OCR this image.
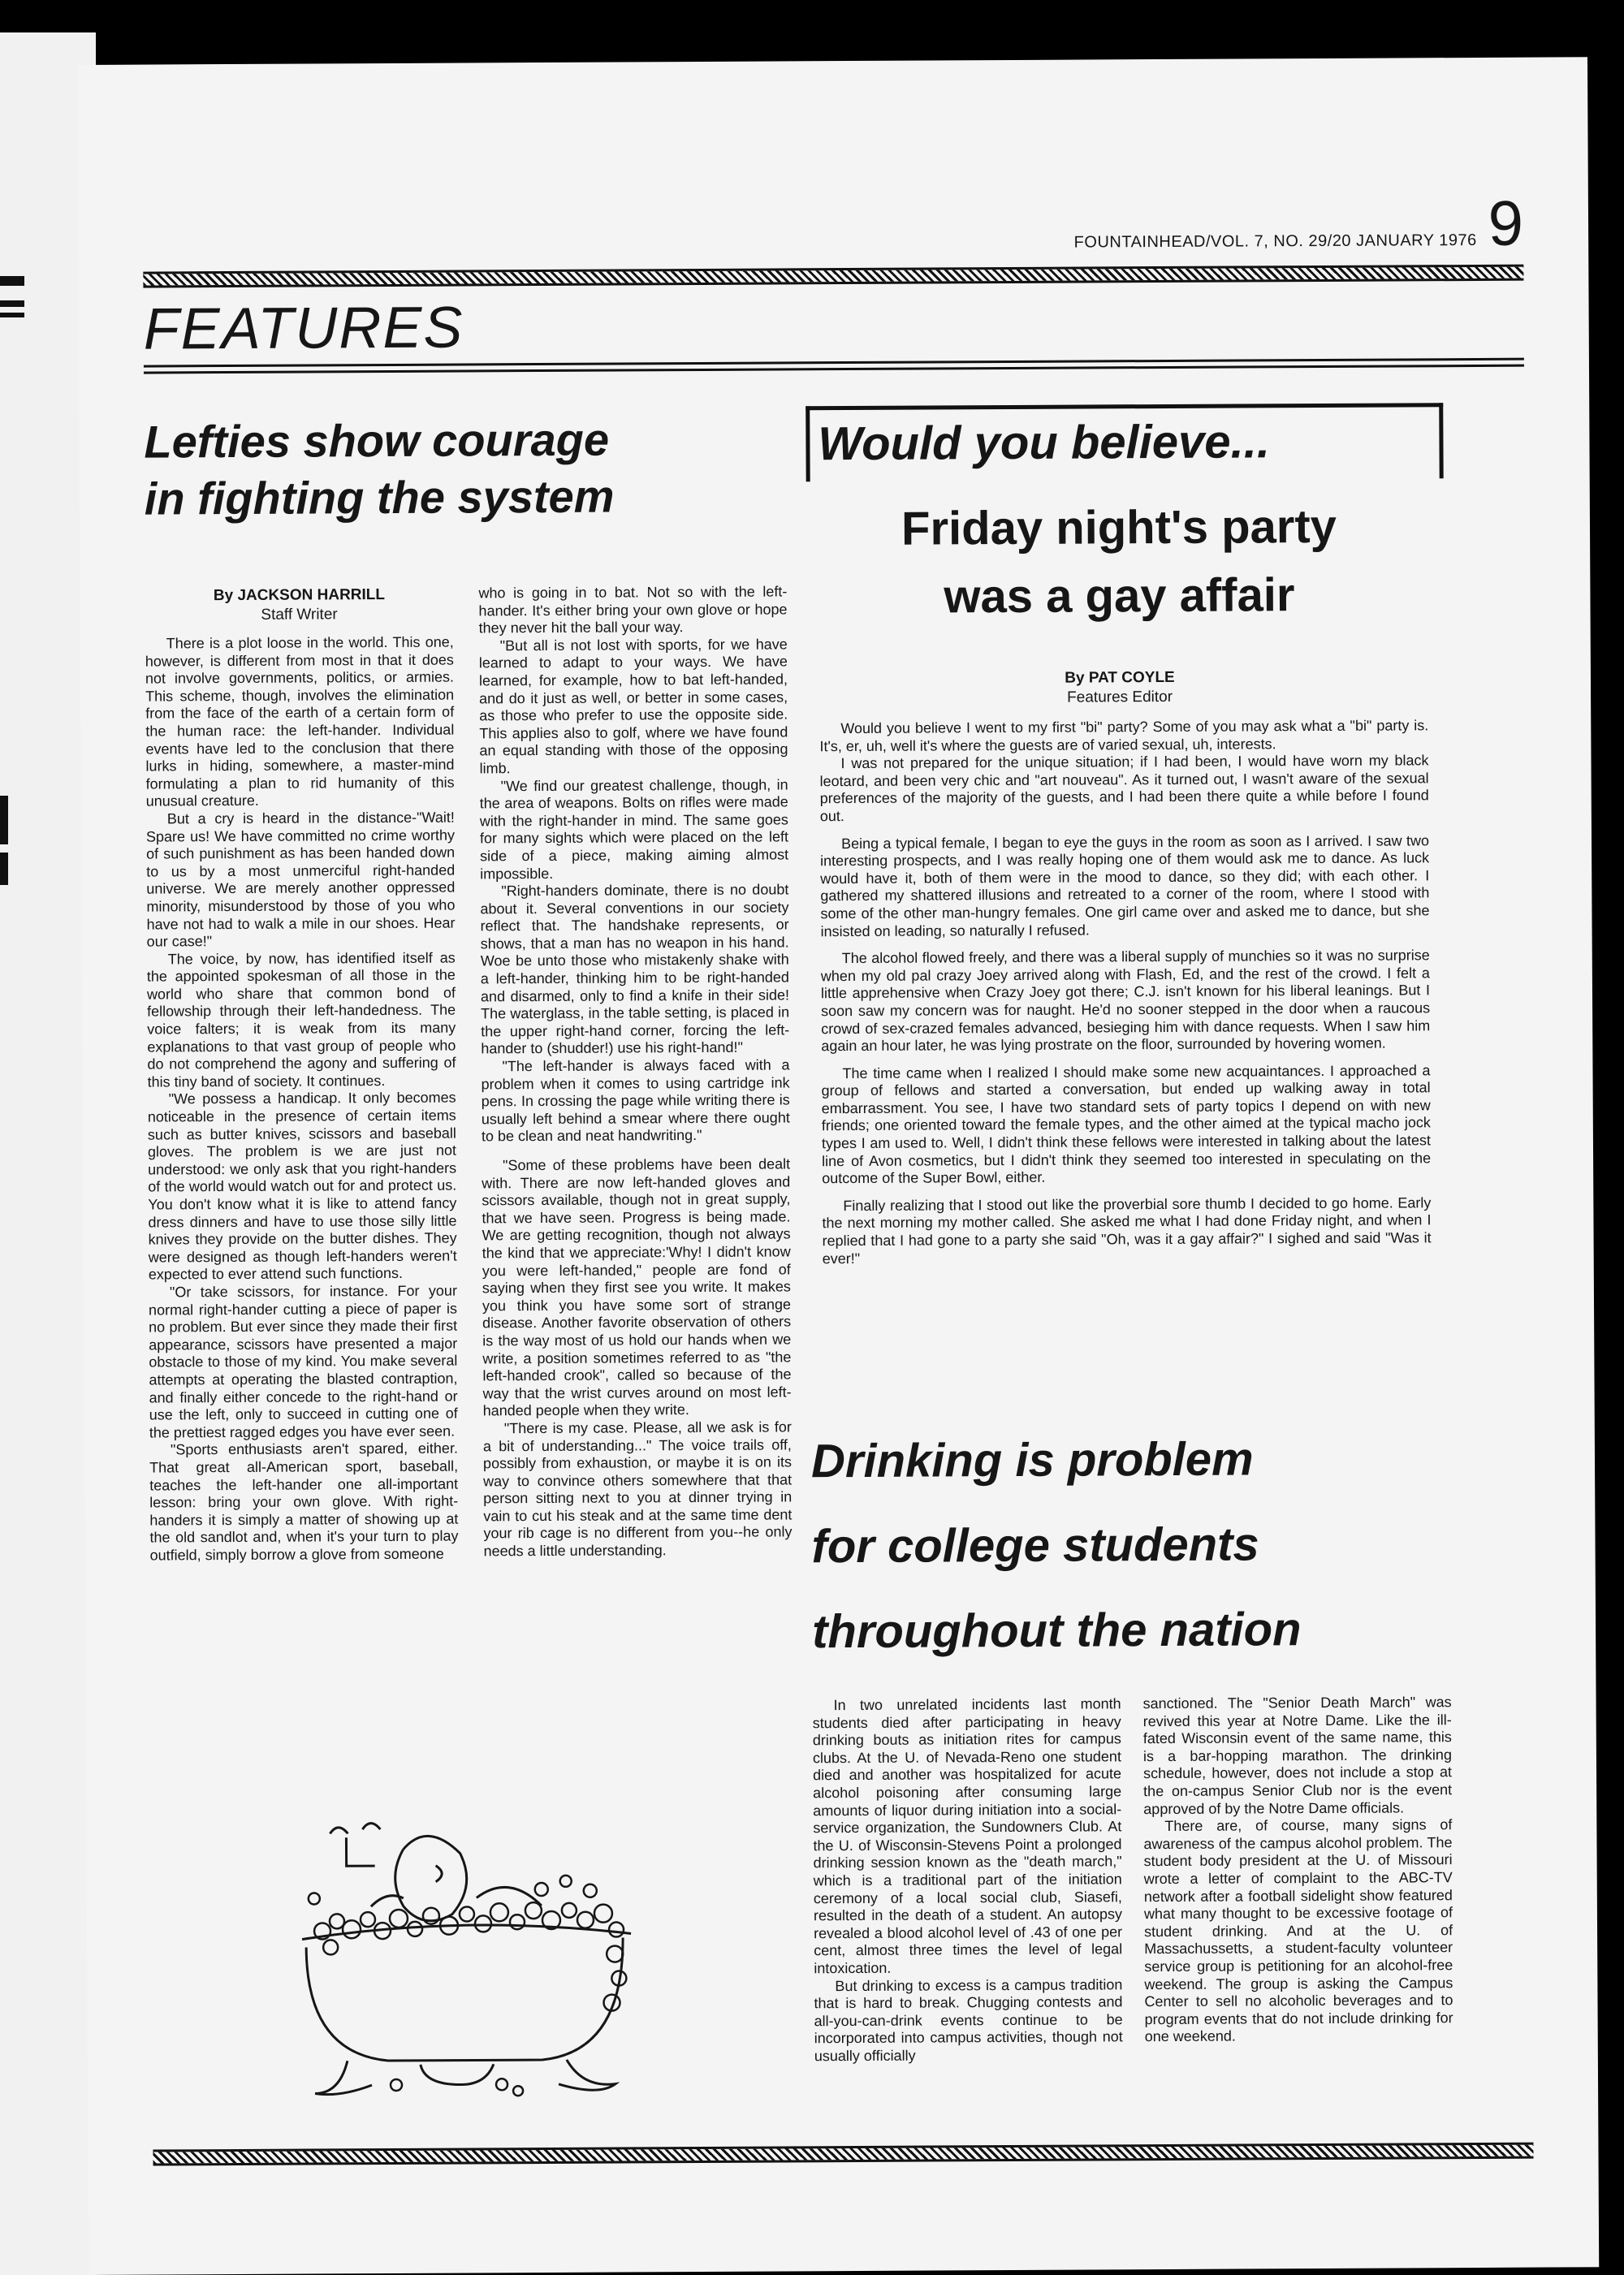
FOUNTAINHEAD/VOL. 7, NO. 29/20 JANUARY 1976 9
FEATURES
Lefties show courage
in fighting the system
By JACKSON HARRILL
Staff Writer

There is a plot loose in the world. This one, however, is different from most in that it does not involve governments, politics, or armies. This scheme, though, involves the elimination from the face of the earth of a certain form of the human race: the left-hander. Individual events have led to the conclusion that there lurks in hiding, somewhere, a master-mind formulating a plan to rid humanity of this unusual creature.

But a cry is heard in the distance-"Wait! Spare us! We have committed no crime worthy of such punishment as has been handed down to us by a most unmerciful right-handed universe. We are merely another oppressed minority, misunderstood by those of you who have not had to walk a mile in our shoes. Hear our case!"

The voice, by now, has identified itself as the appointed spokesman of all those in the world who share that common bond of fellowship through their left-handedness. The voice falters; it is weak from its many explanations to that vast group of people who do not comprehend the agony and suffering of this tiny band of society. It continues.

"We possess a handicap. It only becomes noticeable in the presence of certain items such as butter knives, scissors and baseball gloves. The problem is we are just not understood: we only ask that you right-handers of the world would watch out for and protect us. You don't know what it is like to attend fancy dress dinners and have to use those silly little knives they provide on the butter dishes. They were designed as though left-handers weren't expected to ever attend such functions.

"Or take scissors, for instance. For your normal right-hander cutting a piece of paper is no problem. But ever since they made their first appearance, scissors have presented a major obstacle to those of my kind. You make several attempts at operating the blasted contraption, and finally either concede to the right-hand or use the left, only to succeed in cutting one of the prettiest ragged edges you have ever seen.

"Sports enthusiasts aren't spared, either. That great all-American sport, baseball, teaches the left-hander one all-important lesson: bring your own glove. With right-handers it is simply a matter of showing up at the old sandlot and, when it's your turn to play outfield, simply borrow a glove from someone

who is going in to bat. Not so with the left-hander. It's either bring your own glove or hope they never hit the ball your way.

"But all is not lost with sports, for we have learned to adapt to your ways. We have learned, for example, how to bat left-handed, and do it just as well, or better in some cases, as those who prefer to use the opposite side. This applies also to golf, where we have found an equal standing with those of the opposing limb.

"We find our greatest challenge, though, in the area of weapons. Bolts on rifles were made with the right-hander in mind. The same goes for many sights which were placed on the left side of a piece, making aiming almost impossible.

"Right-handers dominate, there is no doubt about it. Several conventions in our society reflect that. The handshake represents, or shows, that a man has no weapon in his hand. Woe be unto those who mistakenly shake with a left-hander, thinking him to be right-handed and disarmed, only to find a knife in their side! The waterglass, in the table setting, is placed in the upper right-hand corner, forcing the left-hander to (shudder!) use his right-hand!"

"The left-hander is always faced with a problem when it comes to using cartridge ink pens. In crossing the page while writing there is usually left behind a smear where there ought to be clean and neat handwriting."

"Some of these problems have been dealt with. There are now left-handed gloves and scissors available, though not in great supply, that we have seen. Progress is being made. We are getting recognition, though not always the kind that we appreciate:'Why! I didn't know you were left-handed," people are fond of saying when they first see you write. It makes you think you have some sort of strange disease. Another favorite observation of others is the way most of us hold our hands when we write, a position sometimes referred to as "the left-handed crook", called so because of the way that the wrist curves around on most left-handed people when they write.

"There is my case. Please, all we ask is for a bit of understanding..." The voice trails off, possibly from exhaustion, or maybe it is on its way to convince others somewhere that that person sitting next to you at dinner trying in vain to cut his steak and at the same time dent your rib cage is no different from you--he only needs a little understanding.

Would you believe...
Friday night's party
was a gay affair
By PAT COYLE
Features Editor

Would you believe I went to my first "bi" party? Some of you may ask what a "bi" party is. It's, er, uh, well it's where the guests are of varied sexual, uh, interests.

I was not prepared for the unique situation; if I had been, I would have worn my black leotard, and been very chic and "art nouveau". As it turned out, I wasn't aware of the sexual preferences of the majority of the guests, and I had been there quite a while before I found out.

Being a typical female, I began to eye the guys in the room as soon as I arrived. I saw two interesting prospects, and I was really hoping one of them would ask me to dance. As luck would have it, both of them were in the mood to dance, so they did; with each other. I gathered my shattered illusions and retreated to a corner of the room, where I stood with some of the other man-hungry females. One girl came over and asked me to dance, but she insisted on leading, so naturally I refused.

The alcohol flowed freely, and there was a liberal supply of munchies so it was no surprise when my old pal crazy Joey arrived along with Flash, Ed, and the rest of the crowd. I felt a little apprehensive when Crazy Joey got there; C.J. isn't known for his liberal leanings. But I soon saw my concern was for naught. He'd no sooner stepped in the door when a raucous crowd of sex-crazed females advanced, besieging him with dance requests. When I saw him again an hour later, he was lying prostrate on the floor, surrounded by hovering women.

The time came when I realized I should make some new acquaintances. I approached a group of fellows and started a conversation, but ended up walking away in total embarrassment. You see, I have two standard sets of party topics I depend on with new friends; one oriented toward the female types, and the other aimed at the typical macho jock types I am used to. Well, I didn't think these fellows were interested in talking about the latest line of Avon cosmetics, but I didn't think they seemed too interested in speculating on the outcome of the Super Bowl, either.

Finally realizing that I stood out like the proverbial sore thumb I decided to go home. Early the next morning my mother called. She asked me what I had done Friday night, and when I replied that I had gone to a party she said "Oh, was it a gay affair?" I sighed and said "Was it ever!"

Drinking is problem
for college students
throughout the nation

In two unrelated incidents last month students died after participating in heavy drinking bouts as initiation rites for campus clubs. At the U. of Nevada-Reno one student died and another was hospitalized for acute alcohol poisoning after consuming large amounts of liquor during initiation into a social-service organization, the Sundowners Club. At the U. of Wisconsin-Stevens Point a prolonged drinking session known as the "death march," which is a traditional part of the initiation ceremony of a local social club, Siasefi, resulted in the death of a student. An autopsy revealed a blood alcohol level of .43 of one per cent, almost three times the level of legal intoxication.

But drinking to excess is a campus tradition that is hard to break. Chugging contests and all-you-can-drink events continue to be incorporated into campus activities, though not usually officially

sanctioned. The "Senior Death March" was revived this year at Notre Dame. Like the ill-fated Wisconsin event of the same name, this is a bar-hopping marathon. The drinking schedule, however, does not include a stop at the on-campus Senior Club nor is the event approved of by the Notre Dame officials.

There are, of course, many signs of awareness of the campus alcohol problem. The student body president at the U. of Missouri wrote a letter of complaint to the ABC-TV network after a football sidelight show featured what many thought to be excessive footage of student drinking. And at the U. of Massachussetts, a student-faculty volunteer service group is petitioning for an alcohol-free weekend. The group is asking the Campus Center to sell no alcoholic beverages and to program events that do not include drinking for one weekend.
